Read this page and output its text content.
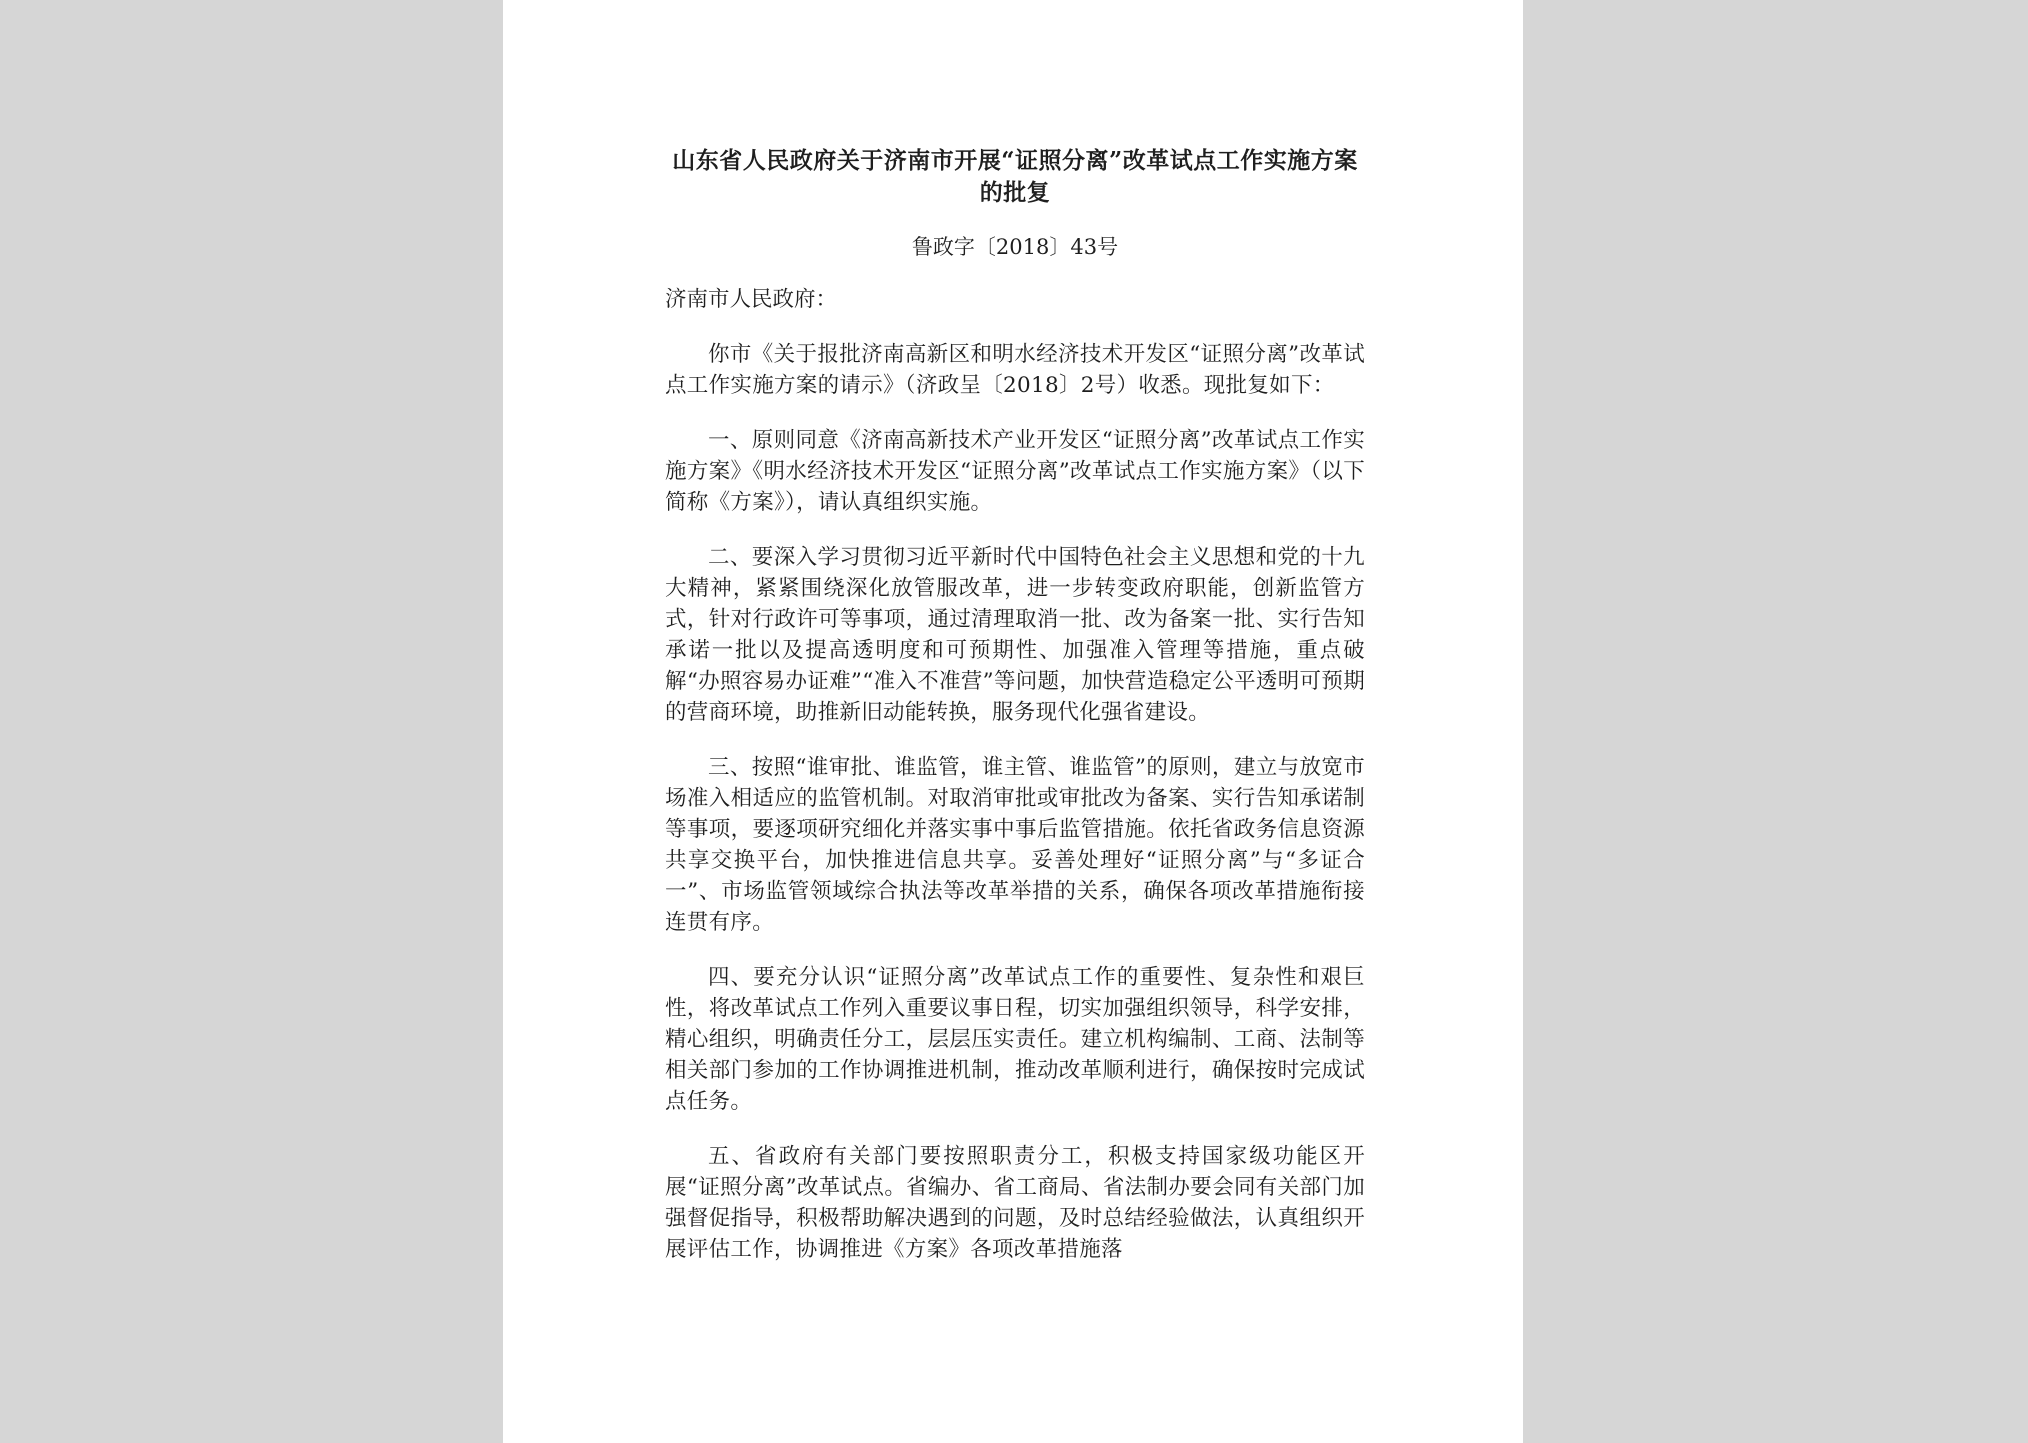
山东省人民政府关于济南市开展“证照分离”改革试点工作实施方案的批复
鲁政字〔2018〕43号
济南市人民政府：

你市《关于报批济南高新区和明水经济技术开发区“证照分离”改革试点工作实施方案的请示》（济政呈〔2018〕2号）收悉。现批复如下：

一、原则同意《济南高新技术产业开发区“证照分离”改革试点工作实施方案》《明水经济技术开发区“证照分离”改革试点工作实施方案》（以下简称《方案》），请认真组织实施。

二、要深入学习贯彻习近平新时代中国特色社会主义思想和党的十九大精神，紧紧围绕深化放管服改革，进一步转变政府职能，创新监管方式，针对行政许可等事项，通过清理取消一批、改为备案一批、实行告知承诺一批以及提高透明度和可预期性、加强准入管理等措施，重点破解“办照容易办证难”“准入不准营”等问题，加快营造稳定公平透明可预期的营商环境，助推新旧动能转换，服务现代化强省建设。

三、按照“谁审批、谁监管，谁主管、谁监管”的原则，建立与放宽市场准入相适应的监管机制。对取消审批或审批改为备案、实行告知承诺制等事项，要逐项研究细化并落实事中事后监管措施。依托省政务信息资源共享交换平台，加快推进信息共享。妥善处理好“证照分离”与“多证合一”、市场监管领域综合执法等改革举措的关系，确保各项改革措施衔接连贯有序。

四、要充分认识“证照分离”改革试点工作的重要性、复杂性和艰巨性，将改革试点工作列入重要议事日程，切实加强组织领导，科学安排，精心组织，明确责任分工，层层压实责任。建立机构编制、工商、法制等相关部门参加的工作协调推进机制，推动改革顺利进行，确保按时完成试点任务。

五、省政府有关部门要按照职责分工，积极支持国家级功能区开展“证照分离”改革试点。省编办、省工商局、省法制办要会同有关部门加强督促指导，积极帮助解决遇到的问题，及时总结经验做法，认真组织开展评估工作，协调推进《方案》各项改革措施落
